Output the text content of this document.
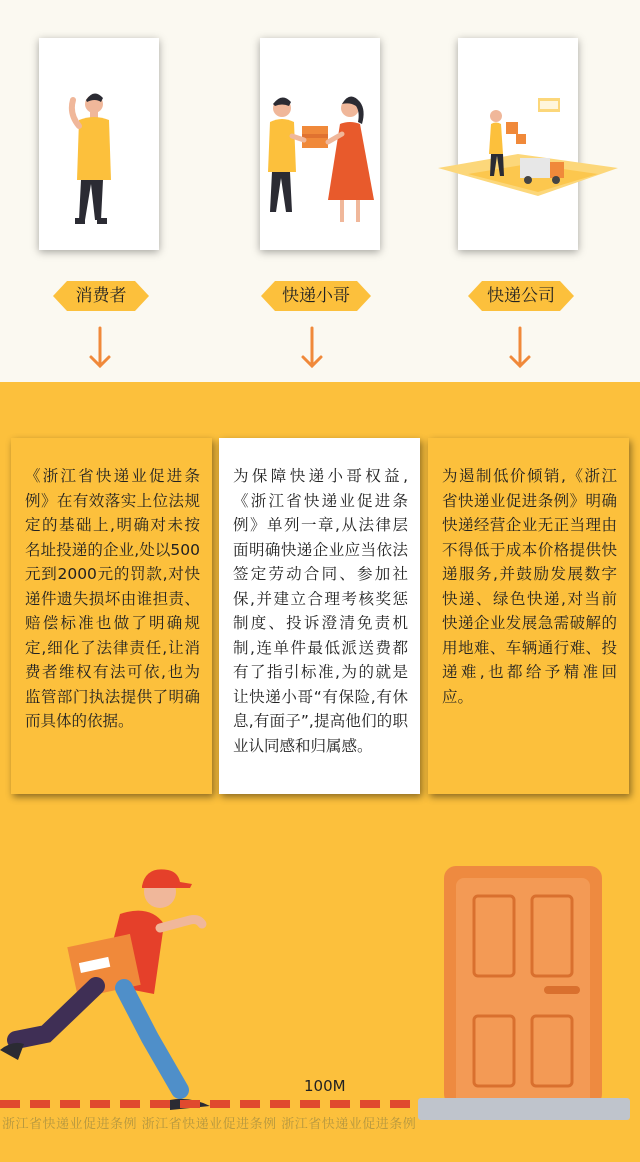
消费者	快递小哥	快递公司
《浙江省快递业促进条例》在有效落实上位法规定的基础上,明确对未按名址投递的企业,处以500元到2000元的罚款,对快递件遗失损坏由谁担责、赔偿标准也做了明确规定,细化了法律责任,让消费者维权有法可依,也为监管部门执法提供了明确而具体的依据。
为保障快递小哥权益,《浙江省快递业促进条例》单列一章,从法律层面明确快递企业应当依法签定劳动合同、参加社保,并建立合理考核奖惩制度、投诉澄清免责机制,连单件最低派送费都有了指引标准,为的就是让快递小哥“有保险,有休息,有面子”,提高他们的职业认同感和归属感。
为遏制低价倾销,《浙江省快递业促进条例》明确快递经营企业无正当理由不得低于成本价格提供快递服务,并鼓励发展数字快递、绿色快递,对当前快递企业发展急需破解的用地难、车辆通行难、投递难,也都给予精准回应。
100M
浙江省快递业促进条例 浙江省快递业促进条例 浙江省快递业促进条例
